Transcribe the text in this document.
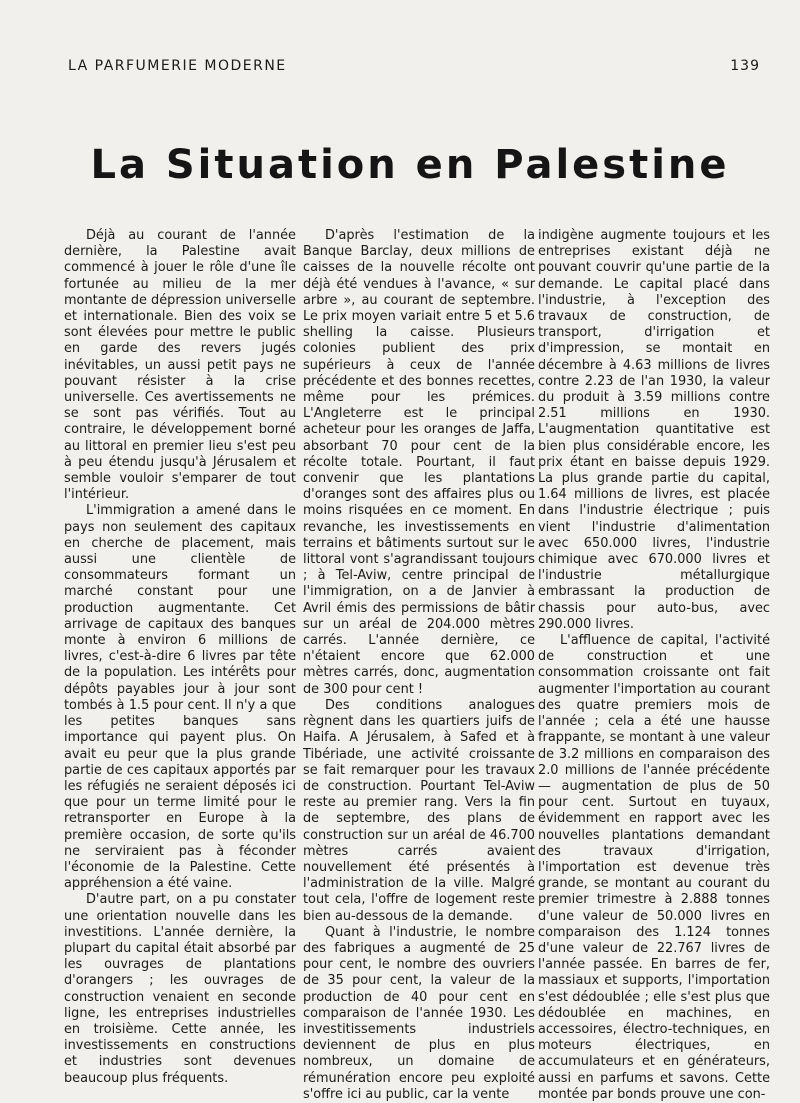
LA PARFUMERIE MODERNE	139
La Situation en Palestine

Déjà au courant de l'année dernière, la Palestine avait commencé à jouer le rôle d'une île fortunée au milieu de la mer montante de dépression universelle et internationale. Bien des voix se sont élevées pour mettre le public en garde des revers jugés inévitables, un aussi petit pays ne pouvant résister à la crise universelle. Ces avertissements ne se sont pas vérifiés. Tout au contraire, le développement borné au littoral en premier lieu s'est peu à peu étendu jusqu'à Jérusalem et semble vouloir s'emparer de tout l'intérieur.

L'immigration a amené dans le pays non seulement des capitaux en cherche de placement, mais aussi une clientèle de consommateurs formant un marché constant pour une production augmentante. Cet arrivage de capitaux des banques monte à environ 6 millions de livres, c'est-à-dire 6 livres par tête de la population. Les intérêts pour dépôts payables jour à jour sont tombés à 1.5 pour cent. Il n'y a que les petites banques sans importance qui payent plus. On avait eu peur que la plus grande partie de ces capitaux apportés par les réfugiés ne seraient déposés ici que pour un terme limité pour le retransporter en Europe à la première occasion, de sorte qu'ils ne serviraient pas à féconder l'économie de la Palestine. Cette appréhension a été vaine.

D'autre part, on a pu constater une orientation nouvelle dans les investitions. L'année dernière, la plupart du capital était absorbé par les ouvrages de plantations d'orangers ; les ouvrages de construction venaient en seconde ligne, les entreprises industrielles en troisième. Cette année, les investissements en constructions et industries sont devenues beaucoup plus fréquents.

D'après l'estimation de la Banque Barclay, deux millions de caisses de la nouvelle récolte ont déjà été vendues à l'avance, « sur arbre », au courant de septembre. Le prix moyen variait entre 5 et 5.6 shelling la caisse. Plusieurs colonies publient des prix supérieurs à ceux de l'année précédente et des bonnes recettes, même pour les prémices. L'Angleterre est le principal acheteur pour les oranges de Jaffa, absorbant 70 pour cent de la récolte totale. Pourtant, il faut convenir que les plantations d'oranges sont des affaires plus ou moins risquées en ce moment. En revanche, les investissements en terrains et bâtiments surtout sur le littoral vont s'agrandissant toujours ; à Tel-Aviw, centre principal de l'immigration, on a de Janvier à Avril émis des permissions de bâtir sur un aréal de 204.000 mètres carrés. L'année dernière, ce n'étaient encore que 62.000 mètres carrés, donc, augmentation de 300 pour cent !

Des conditions analogues règnent dans les quartiers juifs de Haifa. A Jérusalem, à Safed et à Tibériade, une activité croissante se fait remarquer pour les travaux de construction. Pourtant Tel-Aviw reste au premier rang. Vers la fin de septembre, des plans de construction sur un aréal de 46.700 mètres carrés avaient nouvellement été présentés à l'administration de la ville. Malgré tout cela, l'offre de logement reste bien au-dessous de la demande.

Quant à l'industrie, le nombre des fabriques a augmenté de 25 pour cent, le nombre des ouvriers de 35 pour cent, la valeur de la production de 40 pour cent en comparaison de l'année 1930. Les investitissements industriels deviennent de plus en plus nombreux, un domaine de rémunération encore peu exploité s'offre ici au public, car la vente

indigène augmente toujours et les entreprises existant déjà ne pouvant couvrir qu'une partie de la demande. Le capital placé dans l'industrie, à l'exception des travaux de construction, de transport, d'irrigation et d'impression, se montait en décembre à 4.63 millions de livres contre 2.23 de l'an 1930, la valeur du produit à 3.59 millions contre 2.51 millions en 1930. L'augmentation quantitative est bien plus considérable encore, les prix étant en baisse depuis 1929. La plus grande partie du capital, 1.64 millions de livres, est placée dans l'industrie électrique ; puis vient l'industrie d'alimentation avec 650.000 livres, l'industrie chimique avec 670.000 livres et l'industrie métallurgique embrassant la production de chassis pour auto-bus, avec 290.000 livres.

L'affluence de capital, l'activité de construction et une consommation croissante ont fait augmenter l'importation au courant des quatre premiers mois de l'année ; cela a été une hausse frappante, se montant à une valeur de 3.2 millions en comparaison des 2.0 millions de l'année précédente — augmentation de plus de 50 pour cent. Surtout en tuyaux, évidemment en rapport avec les nouvelles plantations demandant des travaux d'irrigation, l'importation est devenue très grande, se montant au courant du premier trimestre à 2.888 tonnes d'une valeur de 50.000 livres en comparaison des 1.124 tonnes d'une valeur de 22.767 livres de l'année passée. En barres de fer, massiaux et supports, l'importation s'est dédoublée ; elle s'est plus que dédoublée en machines, en accessoires, électro-techniques, en moteurs électriques, en accumulateurs et en générateurs, aussi en parfums et savons. Cette montée par bonds prouve une con-
